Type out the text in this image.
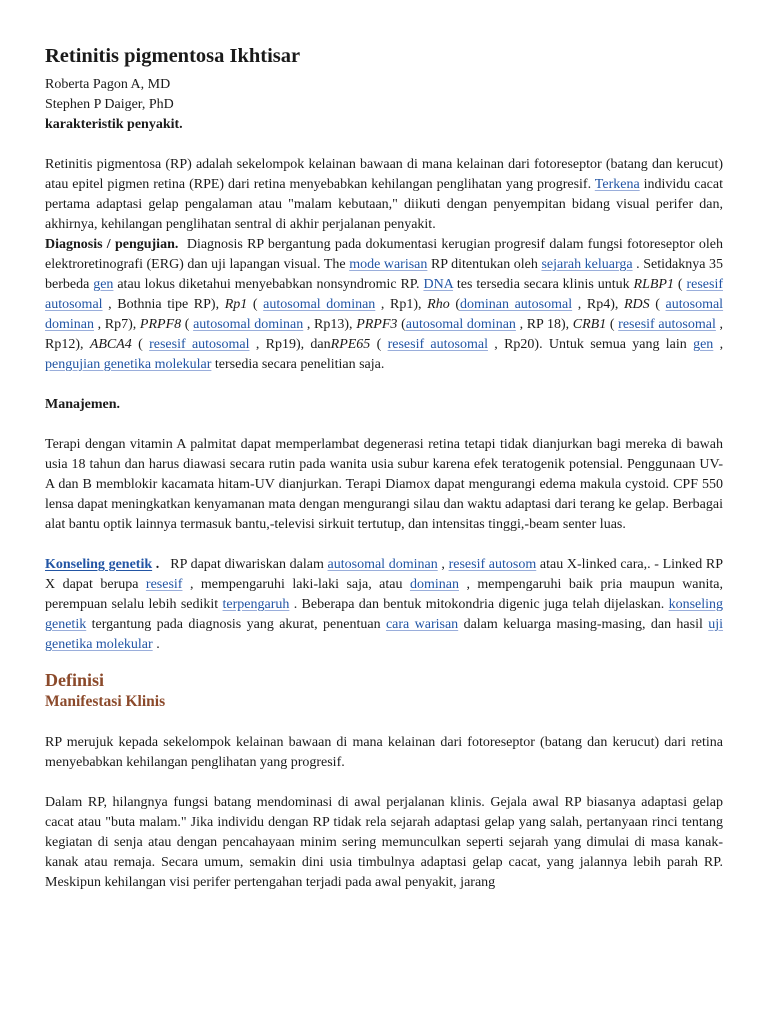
Retinitis pigmentosa Ikhtisar

Roberta Pagon A, MD

Stephen P Daiger, PhD

karakteristik penyakit.

Retinitis pigmentosa (RP) adalah sekelompok kelainan bawaan di mana kelainan dari fotoreseptor (batang dan kerucut) atau epitel pigmen retina (RPE) dari retina menyebabkan kehilangan penglihatan yang progresif. Terkena individu cacat pertama adaptasi gelap pengalaman atau "malam kebutaan," diikuti dengan penyempitan bidang visual perifer dan, akhirnya, kehilangan penglihatan sentral di akhir perjalanan penyakit.

Diagnosis / pengujian. Diagnosis RP bergantung pada dokumentasi kerugian progresif dalam fungsi fotoreseptor oleh elektroretinografi (ERG) dan uji lapangan visual. The mode warisan RP ditentukan oleh sejarah keluarga . Setidaknya 35 berbeda gen atau lokus diketahui menyebabkan nonsyndromic RP. DNA tes tersedia secara klinis untuk RLBP1 ( resesif autosomal , Bothnia tipe RP), Rp1 ( autosomal dominan , Rp1), Rho (dominan autosomal , Rp4), RDS ( autosomal dominan , Rp7), PRPF8 ( autosomal dominan , Rp13), PRPF3 (autosomal dominan , RP 18), CRB1 ( resesif autosomal , Rp12), ABCA4 ( resesif autosomal , Rp19), danRPE65 ( resesif autosomal , Rp20). Untuk semua yang lain gen , pengujian genetika molekular tersedia secara penelitian saja.

Manajemen.

Terapi dengan vitamin A palmitat dapat memperlambat degenerasi retina tetapi tidak dianjurkan bagi mereka di bawah usia 18 tahun dan harus diawasi secara rutin pada wanita usia subur karena efek teratogenik potensial. Penggunaan UV-A dan B memblokir kacamata hitam-UV dianjurkan. Terapi Diamox dapat mengurangi edema makula cystoid. CPF 550 lensa dapat meningkatkan kenyamanan mata dengan mengurangi silau dan waktu adaptasi dari terang ke gelap. Berbagai alat bantu optik lainnya termasuk bantu,-televisi sirkuit tertutup, dan intensitas tinggi,-beam senter luas.

Konseling genetik . RP dapat diwariskan dalam autosomal dominan , resesif autosom atau X-linked cara,. - Linked RP X dapat berupa resesif , mempengaruhi laki-laki saja, atau dominan , mempengaruhi baik pria maupun wanita, perempuan selalu lebih sedikit terpengaruh . Beberapa dan bentuk mitokondria digenic juga telah dijelaskan. konseling genetik tergantung pada diagnosis yang akurat, penentuan cara warisan dalam keluarga masing-masing, dan hasil uji genetika molekular .

Definisi
Manifestasi Klinis

RP merujuk kepada sekelompok kelainan bawaan di mana kelainan dari fotoreseptor (batang dan kerucut) dari retina menyebabkan kehilangan penglihatan yang progresif.

Dalam RP, hilangnya fungsi batang mendominasi di awal perjalanan klinis. Gejala awal RP biasanya adaptasi gelap cacat atau "buta malam." Jika individu dengan RP tidak rela sejarah adaptasi gelap yang salah, pertanyaan rinci tentang kegiatan di senja atau dengan pencahayaan minim sering memunculkan seperti sejarah yang dimulai di masa kanak-kanak atau remaja. Secara umum, semakin dini usia timbulnya adaptasi gelap cacat, yang jalannya lebih parah RP. Meskipun kehilangan visi perifer pertengahan terjadi pada awal penyakit, jarang
